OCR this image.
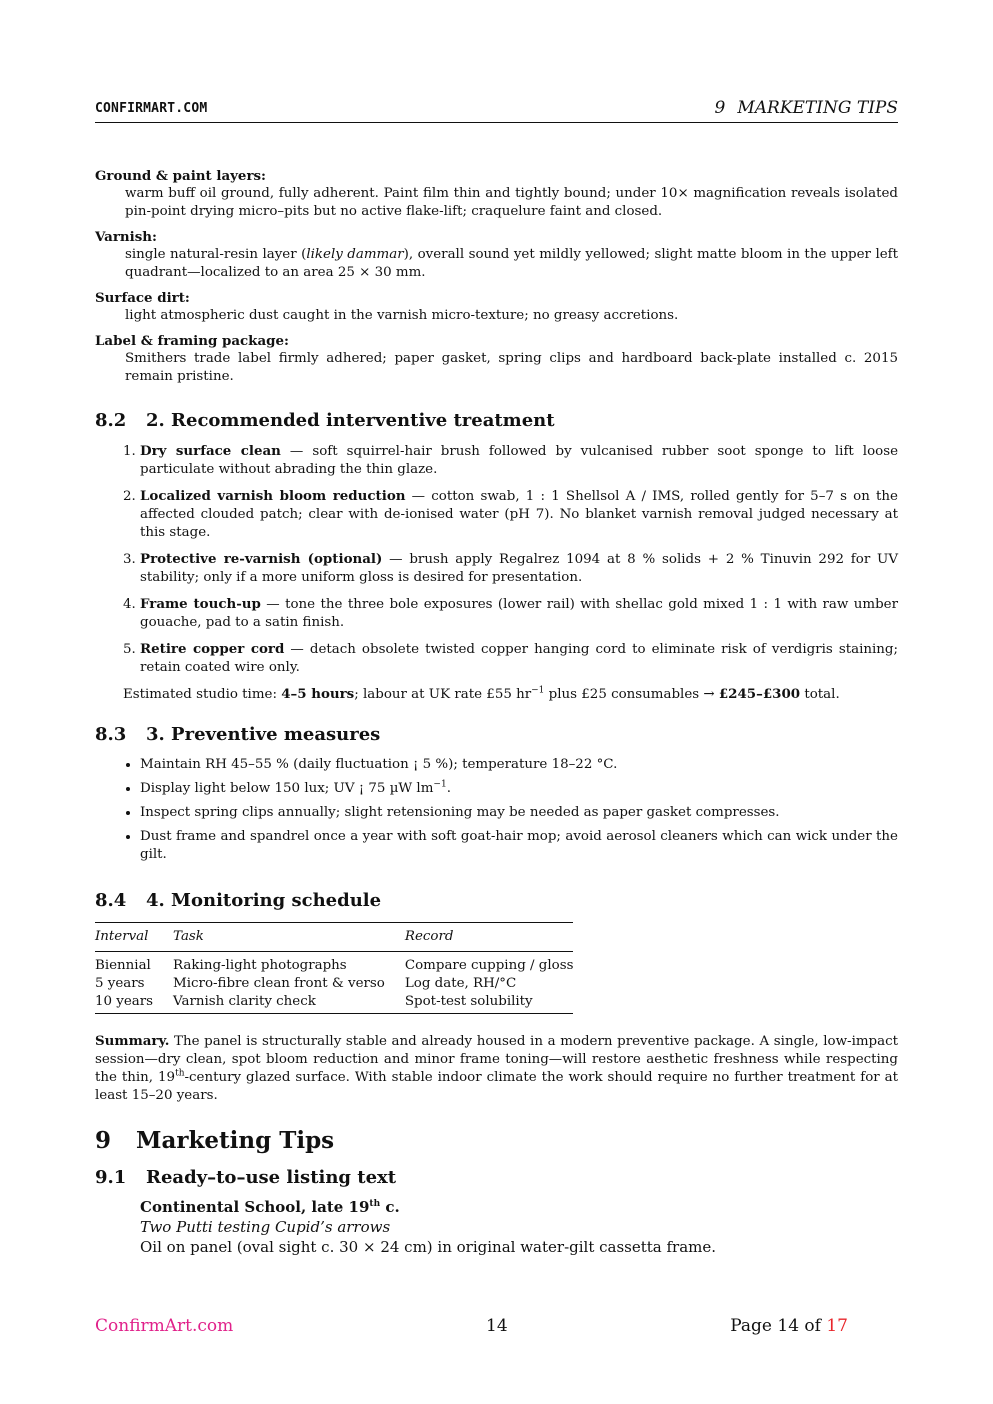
CONFIRMART.COM	9 MARKETING TIPS
Ground & paint layers:
warm buff oil ground, fully adherent. Paint film thin and tightly bound; under 10× magnification reveals isolated pin-point drying micro–pits but no active flake-lift; craquelure faint and closed.
Varnish:
single natural-resin layer (likely dammar), overall sound yet mildly yellowed; slight matte bloom in the upper left quadrant—localized to an area 25 × 30 mm.
Surface dirt:
light atmospheric dust caught in the varnish micro-texture; no greasy accretions.
Label & framing package:
Smithers trade label firmly adhered; paper gasket, spring clips and hardboard back-plate installed c. 2015 remain pristine.
8.2 2. Recommended interventive treatment
1. Dry surface clean — soft squirrel-hair brush followed by vulcanised rubber soot sponge to lift loose particulate without abrading the thin glaze.
2. Localized varnish bloom reduction — cotton swab, 1 : 1 Shellsol A / IMS, rolled gently for 5–7 s on the affected clouded patch; clear with de-ionised water (pH 7). No blanket varnish removal judged necessary at this stage.
3. Protective re-varnish (optional) — brush apply Regalrez 1094 at 8 % solids + 2 % Tinuvin 292 for UV stability; only if a more uniform gloss is desired for presentation.
4. Frame touch-up — tone the three bole exposures (lower rail) with shellac gold mixed 1 : 1 with raw umber gouache, pad to a satin finish.
5. Retire copper cord — detach obsolete twisted copper hanging cord to eliminate risk of verdigris staining; retain coated wire only.
Estimated studio time: 4–5 hours; labour at UK rate £55 $hr^{-1}$ plus £25 consumables → £245–£300 total.
8.3 3. Preventive measures
• Maintain RH 45–55 % (daily fluctuation ¡ 5 %); temperature 18–22 °C.
• Display light below 150 lux; UV ¡ 75 µW $lm^{-1}$.
• Inspect spring clips annually; slight retensioning may be needed as paper gasket compresses.
• Dust frame and spandrel once a year with soft goat-hair mop; avoid aerosol cleaners which can wick under the gilt.
8.4 4. Monitoring schedule
Interval	Task	Record
Biennial	Raking-light photographs	Compare cupping / gloss
5 years	Micro-fibre clean front & verso	Log date, RH/°C
10 years	Varnish clarity check	Spot-test solubility

Summary. The panel is structurally stable and already housed in a modern preventive package. A single, low-impact session—dry clean, spot bloom reduction and minor frame toning—will restore aesthetic freshness while respecting the thin, 19th-century glazed surface. With stable indoor climate the work should require no further treatment for at least 15–20 years.

9 Marketing Tips
9.1 Ready–to–use listing text
Continental School, late 19th c.
Two Putti testing Cupid’s arrows
Oil on panel (oval sight c. 30 × 24 cm) in original water-gilt cassetta frame.
ConfirmArt.com	14	Page 14 of 17
